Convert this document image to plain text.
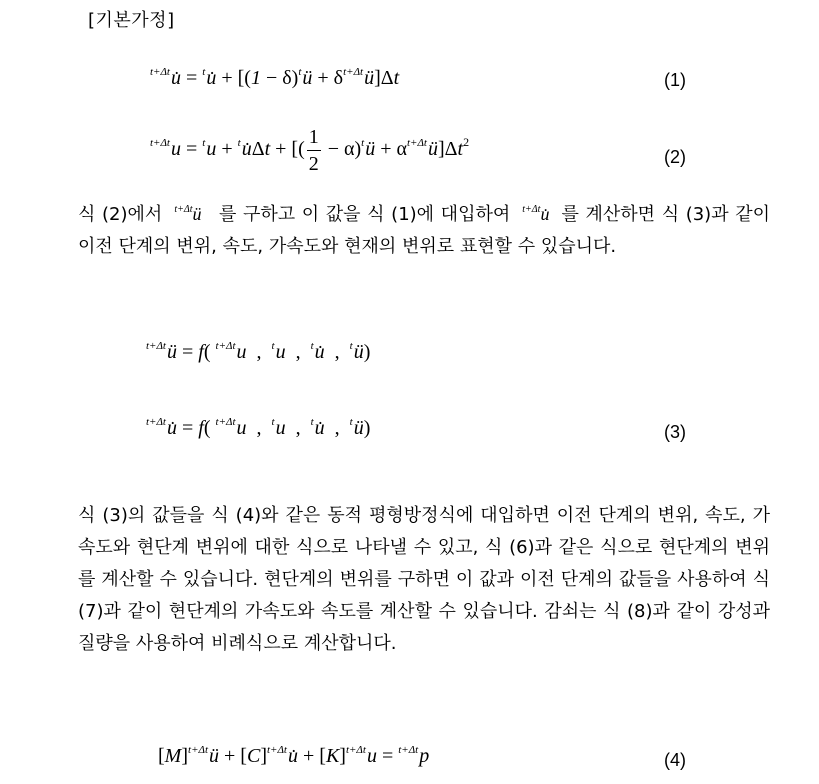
[기본가정]
$^{t+\Delta t}$u̇ = $^t$u̇ + [$(1 - \delta)^tü$ + $\delta^{t+\Delta t}ü]\Delta t$	(1)
$^{t+\Delta t}$u = $^t$u + $^t$u̇Δt + [( $\frac{1}{2}$ − α)$^t$ü + $\alpha^{t+\Delta t}ü]\Delta t^2$
(2)
식 (2)에서 $^{t+\Delta t}$ü   를 구하고 이 값을 식 (1)에 대입하여 $^{t+\Delta t}$u̇  를 계산하면 식 (3)과 같이 이전 단계의 변위, 속도, 가속도와 현재의 변위로 표현할 수 있습니다.
$^{t+\Delta t}$ü = f( $^{t+\Delta t}$u  ,  $^t$u  ,  $^t$u̇  ,  $^t$ü)
$^{t+\Delta t}$u̇ = f( $^{t+\Delta t}$u  ,  $^t$u  ,  $^t$u̇  ,  $^t$ü)	(3)
식 (3)의 값들을 식 (4)와 같은 동적 평형방정식에 대입하면 이전 단계의 변위, 속도, 가속도와 현단계 변위에 대한 식으로 나타낼 수 있고, 식 (6)과 같은 식으로 현단계의 변위를 계산할 수 있습니다. 현단계의 변위를 구하면 이 값과 이전 단계의 값들을 사용하여 식 (7)과 같이 현단계의 가속도와 속도를 계산할 수 있습니다. 감쇠는 식 (8)과 같이 강성과 질량을 사용하여 비례식으로 계산합니다.
$[M]^{t+\Delta t}ü$ + $[C]^{t+\Delta t}u̇ + [K]^{t+\Delta t}u = ^{t+\Delta t}p$	(4)
